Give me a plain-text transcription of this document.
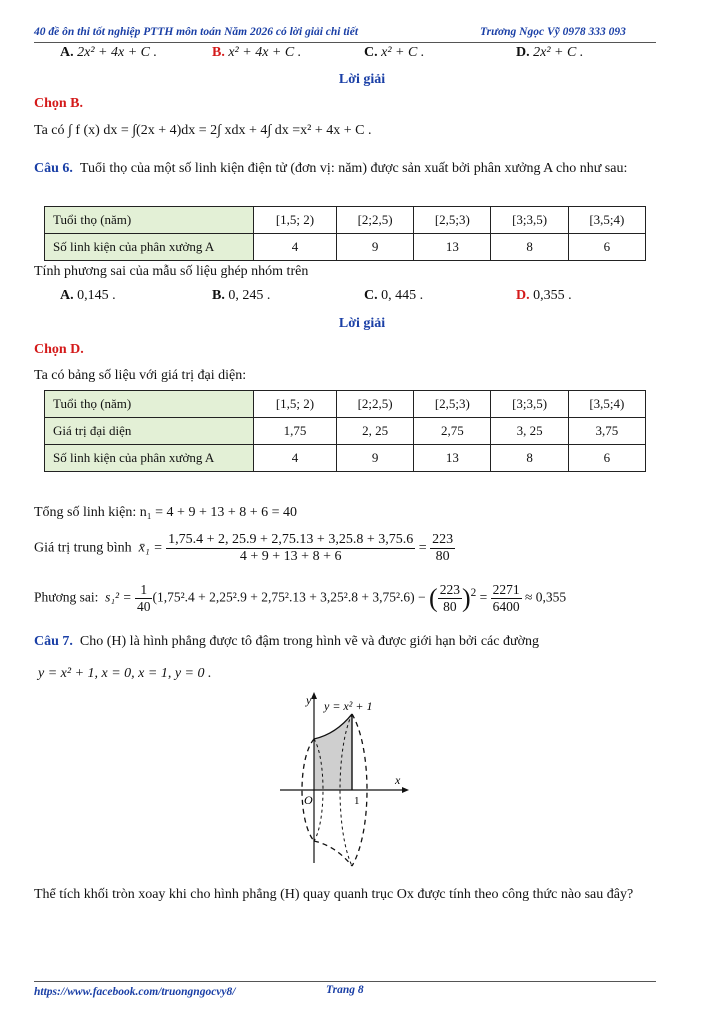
40 đề ôn thi tốt nghiệp PTTH môn toán Năm 2026 có lời giải chi tiết	Trương Ngọc Vỹ 0978 333 093
A. 2x² + 4x + C .	B. x² + 4x + C .	C. x² + C .	D. 2x² + C .
Lời giải
Chọn B.
Ta có ∫ f (x) dx = ∫(2x + 4)dx = 2∫ xdx + 4∫ dx =x² + 4x + C .
Câu 6. Tuổi thọ của một số linh kiện điện tử (đơn vị: năm) được sản xuất bởi phân xưởng A cho như sau:
Tuổi thọ (năm)	[1,5; 2)	[2;2,5)	[2,5;3)	[3;3,5)	[3,5;4)
Số linh kiện của phân xưởng A	4	9	13	8	6
Tính phương sai của mẫu số liệu ghép nhóm trên
A. 0,145 .	B. 0, 245 .	C. 0, 445 .	D. 0,355 .
Lời giải
Chọn D.
Ta có bảng số liệu với giá trị đại diện:
Tuổi thọ (năm)	[1,5; 2)	[2;2,5)	[2,5;3)	[3;3,5)	[3,5;4)
Giá trị đại diện	1,75	2, 25	2,75	3, 25	3,75
Số linh kiện của phân xưởng A	4	9	13	8	6
Tổng số linh kiện: n₁ = 4 + 9 + 13 + 8 + 6 = 40
Giá trị trung bình x̄₁ = $\frac{1,75.4 + 2, 25.9 + 2,75.13 + 3,25.8 + 3,75.6}{4 + 9 + 13 + 8 + 6} = \frac{223}{80}$
Phương sai: $s_1^2 = \frac{1}{40} (1,75^2.4 + 2,25^2.9 + 2,75^2.13 + 3,25^2.8 + 3,75^2.6)$ − ( $\frac{223}{80} )^2 = \frac{2271}{6400} \approx 0,355$
Câu 7. Cho (H) là hình phẳng được tô đậm trong hình vẽ và được giới hạn bởi các đường
y = x² + 1, x = 0, x = 1, y = 0 .
y
x
O	1
y = x² + 1
Thể tích khối tròn xoay khi cho hình phẳng (H) quay quanh trục Ox được tính theo công thức nào sau đây?
https://www.facebook.com/truongngocvy8/	Trang 8
